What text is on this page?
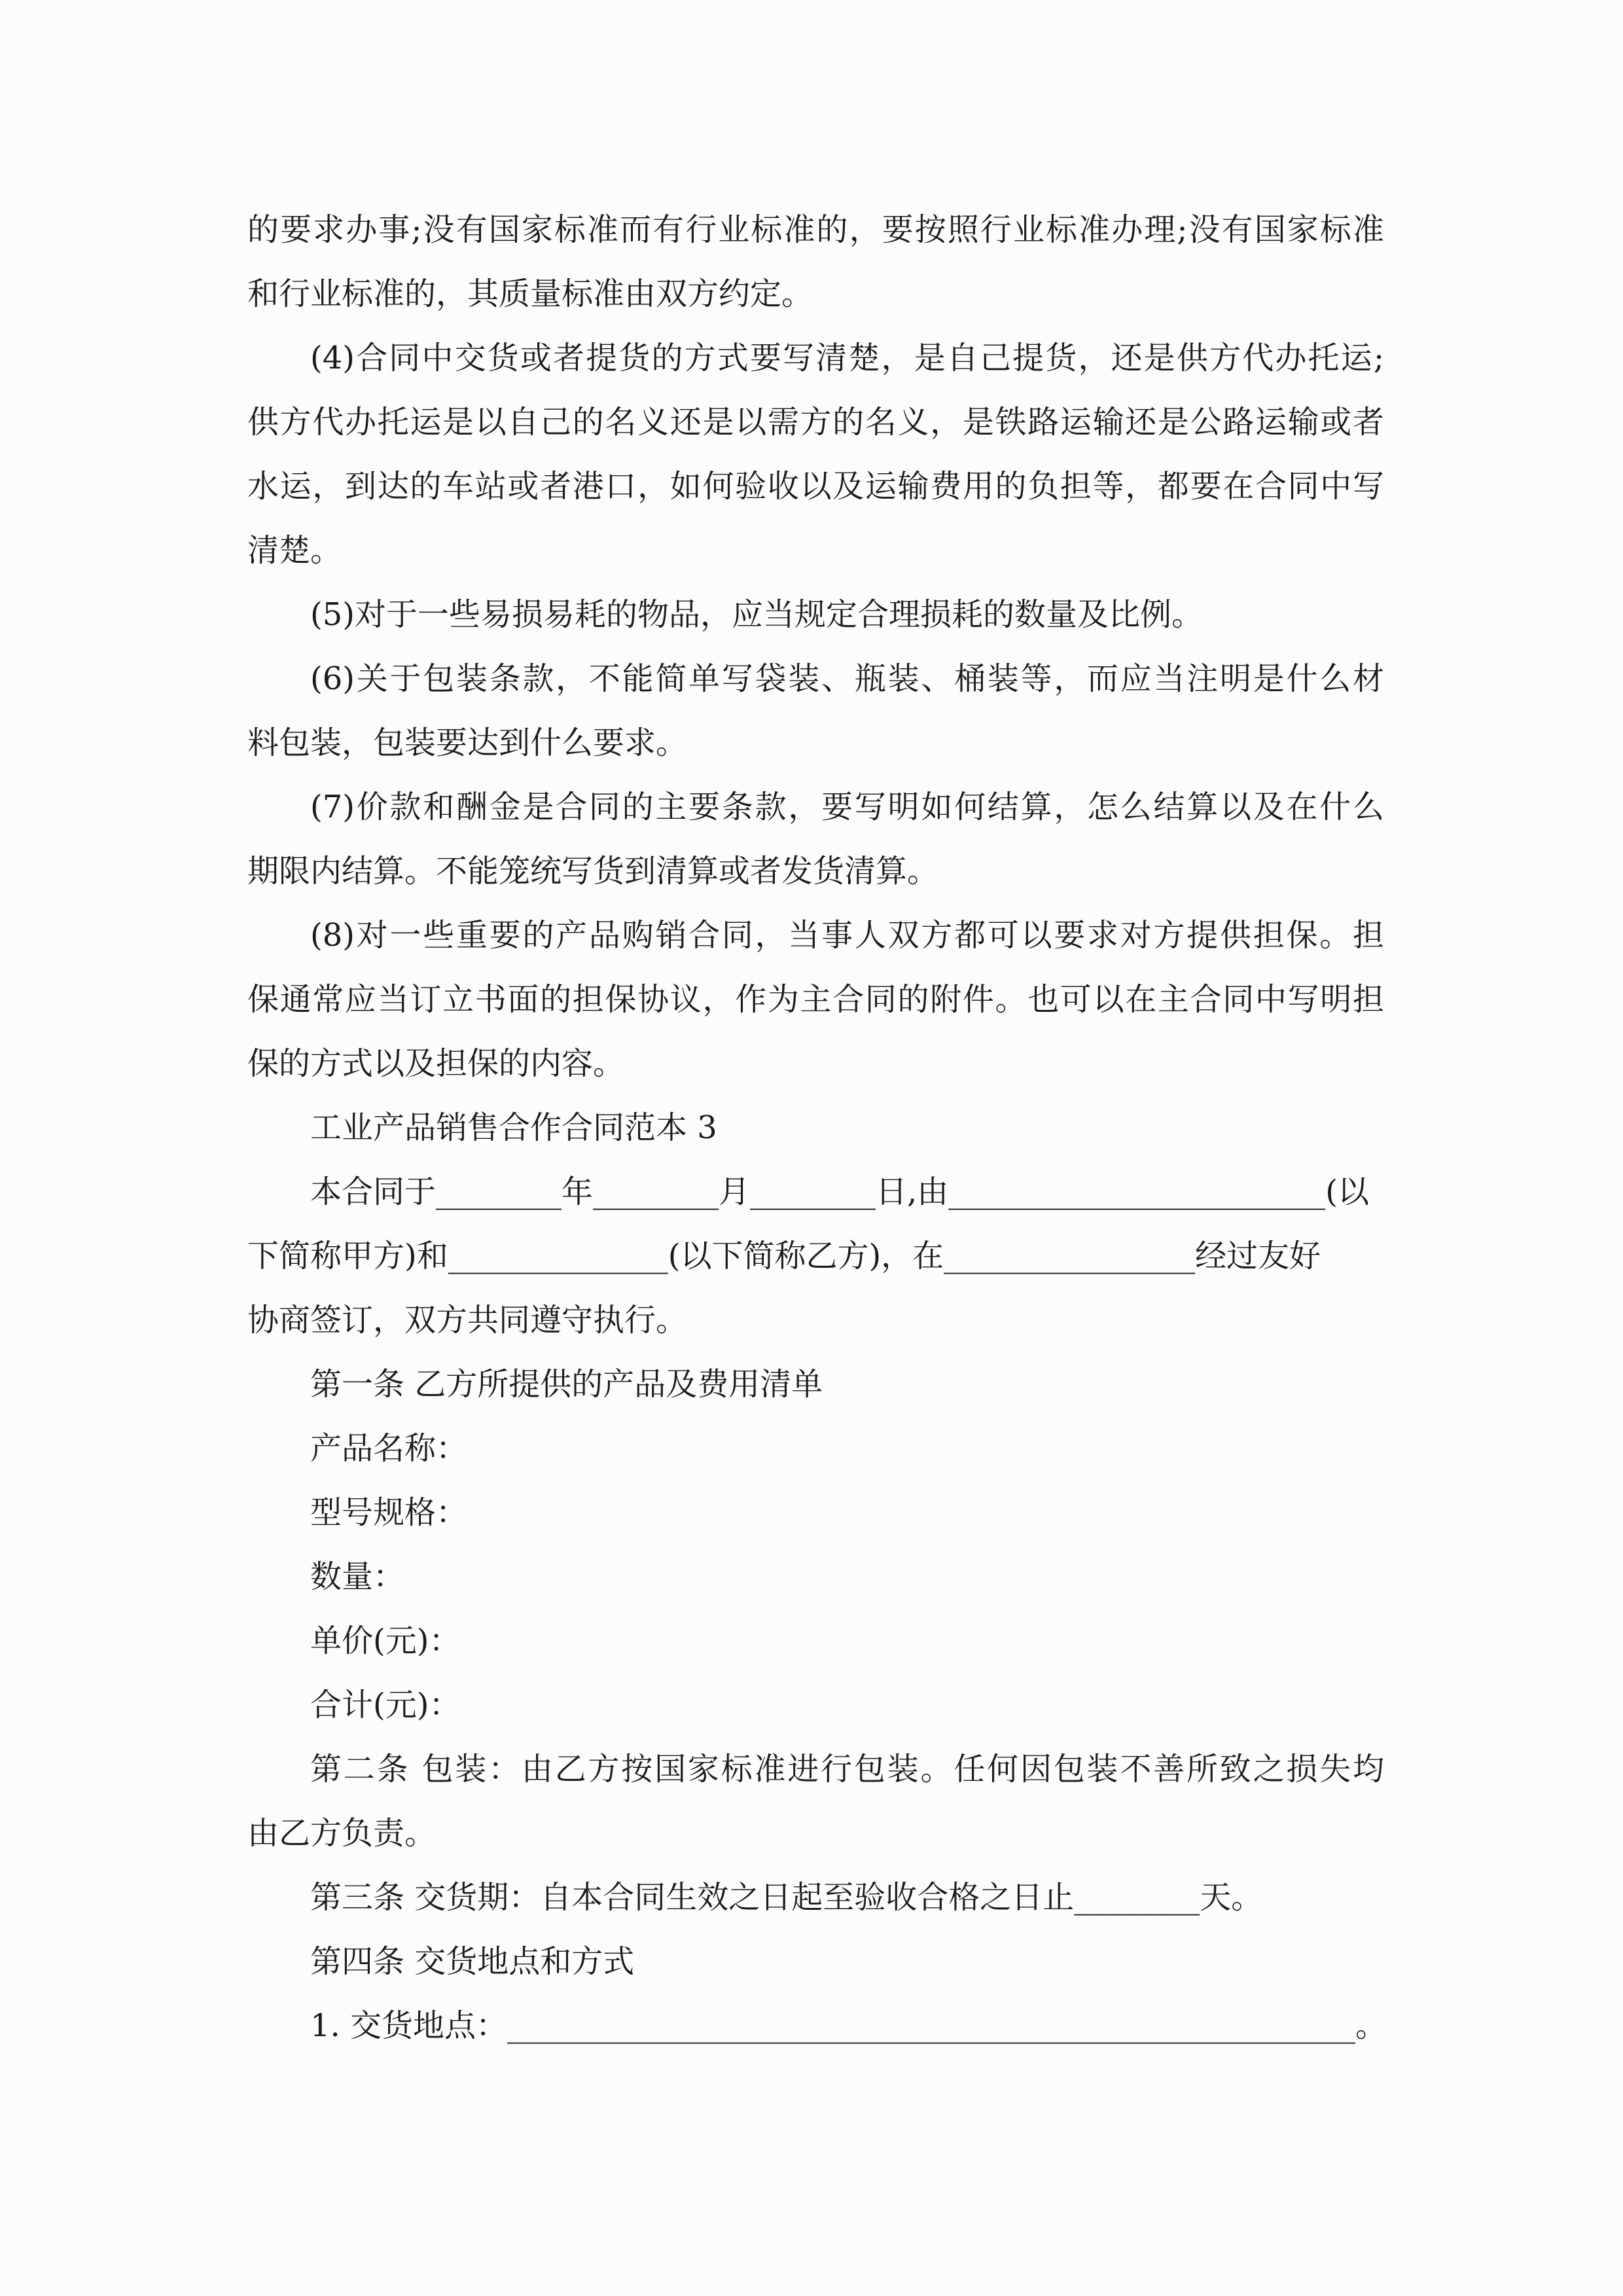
的要求办事;没有国家标准而有行业标准的，要按照行业标准办理;没有国家标准
和行业标准的，其质量标准由双方约定。
(4)合同中交货或者提货的方式要写清楚，是自己提货，还是供方代办托运;
供方代办托运是以自己的名义还是以需方的名义，是铁路运输还是公路运输或者
水运，到达的车站或者港口，如何验收以及运输费用的负担等，都要在合同中写
清楚。
(5)对于一些易损易耗的物品，应当规定合理损耗的数量及比例。
(6)关于包装条款，不能简单写袋装、瓶装、桶装等，而应当注明是什么材
料包装，包装要达到什么要求。
(7)价款和酬金是合同的主要条款，要写明如何结算，怎么结算以及在什么
期限内结算。不能笼统写货到清算或者发货清算。
(8)对一些重要的产品购销合同，当事人双方都可以要求对方提供担保。担
保通常应当订立书面的担保协议，作为主合同的附件。也可以在主合同中写明担
保的方式以及担保的内容。
工业产品销售合作合同范本 3
本合同于________年________月________日,由________________________(以
下简称甲方)和______________(以下简称乙方)，在________________经过友好
协商签订，双方共同遵守执行。
第一条 乙方所提供的产品及费用清单
产品名称：
型号规格：
数量：
单价(元)：
合计(元)：
第二条 包装：由乙方按国家标准进行包装。任何因包装不善所致之损失均
由乙方负责。
第三条 交货期：自本合同生效之日起至验收合格之日止________天。
第四条 交货地点和方式
1. 交货地点：______________________________________________________。
